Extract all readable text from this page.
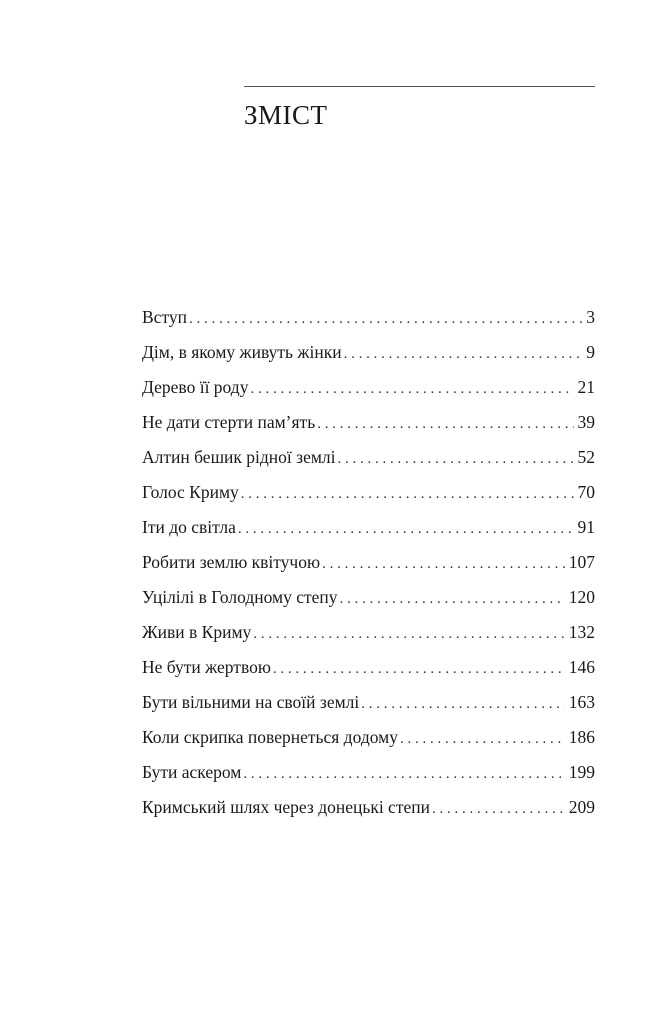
ЗМІСТ
Вступ . . .	3
Дім, в якому живуть жінки . . .	9
Дерево її роду . . .	21
Не дати стерти пам’ять . . .	39
Алтин бешик рідної землі . . .	52
Голос Криму . . .	70
Іти до світла . . .	91
Робити землю квітучою . . .	107
Уцілілі в Голодному степу . . .	120
Живи в Криму . . .	132
Не бути жертвою . . .	146
Бути вільними на своїй землі . . .	163
Коли скрипка повернеться додому . . .	186
Бути аскером . . .	199
Кримський шлях через донецькі степи . . .	209
